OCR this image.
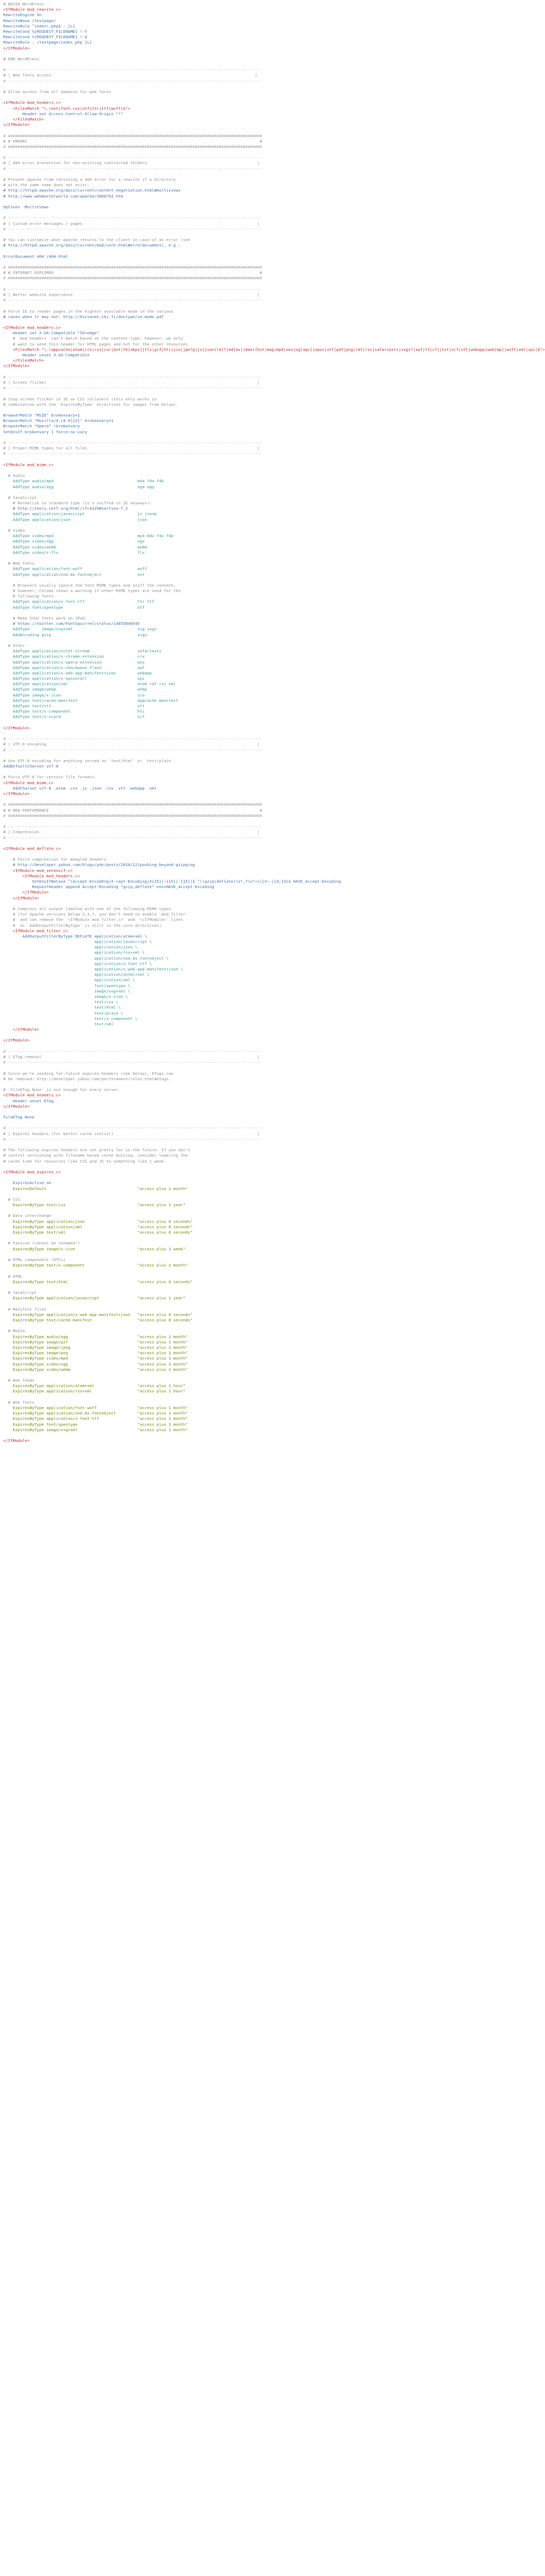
# BEGIN WordPress
<IfModule mod_rewrite.c>
RewriteEngine On
RewriteBase /testpage/
RewriteRule ^index\.php$ - [L]
RewriteCond %{REQUEST_FILENAME} !-f
RewriteCond %{REQUEST_FILENAME} !-d
RewriteRule . /testpage/index.php [L]
</IfModule>
# END WordPress
# ----------------------------------------------------------------------------------------------------------
# | Web fonts access                                                                                     |
# ----------------------------------------------------------------------------------------------------------
# Allow access from all domains for web fonts
<IfModule mod_headers.c>
<FilesMatch "\.(eot|font.css|otf|ttc|ttf|woff)$">
Header set Access-Control-Allow-Origin "*"
</FilesMatch>
</IfModule>
# ##########################################################################################################
# # ERRORS                                                                                                 #
# ##########################################################################################################
# ----------------------------------------------------------------------------------------------------------
# | 404 error prevention for non-existing redirected folders                                              |
# ----------------------------------------------------------------------------------------------------------
# Prevent Apache from returning a 404 error for a rewrite if a directory
# with the same name does not exist.
# http://httpd.apache.org/docs/current/content-negotiation.html#multiviews
# http://www.webmasterworld.com/apache/3808792.htm
Options -MultiViews
# ----------------------------------------------------------------------------------------------------------
# | Custom error messages / pages                                                                         |
# ----------------------------------------------------------------------------------------------------------
# You can customize what Apache returns to the client in case of an error (see
# http://httpd.apache.org/docs/current/mod/core.html#errordocument), e.g.:
ErrorDocument 404 /404.html
# ##########################################################################################################
# # INTERNET EXPLORER                                                                                      #
# ##########################################################################################################
# ----------------------------------------------------------------------------------------------------------
# | Better website experience                                                                             |
# ----------------------------------------------------------------------------------------------------------
# Force IE to render pages in the highest available mode in the various
# cases when it may not: http://hsivonen.iki.fi/doctype/ie-mode.pdf
<IfModule mod_headers.c>
Header set X-UA-Compatible "IE=edge"
# `mod_headers` can't match based on the content-type, however, we only
# want to send this header for HTML pages and not for the other resources
<FilesMatch "\.(appcache|atom|crx|css|cur|eot|f4[abpv]|flv|gif|htc|ico|jpe?g|js|json(ld)?|m4[av]|manifest|map|mp4|oex|og[agv]|opus|otf|pdf|png|rdf|rss|safariextz|svgz?|swf|tt[cf]|txt|vcf|vtt|webapp|web[mp]|woff|xml|xpi)$">
Header unset X-UA-Compatible
</FilesMatch>
</IfModule>
# ----------------------------------------------------------------------------------------------------------
# | Screen flicker                                                                                        |
# ----------------------------------------------------------------------------------------------------------
# Stop screen flicker in IE on CSS rollovers (this only works in
# combination with the `ExpiresByType` directives for images from below).
BrowserMatch "MSIE" brokenvary=1
BrowserMatch "Mozilla/4.[0-9]{2}" brokenvary=1
BrowserMatch "Opera" !brokenvary
SetEnvIf brokenvary 1 force-no-vary
# ----------------------------------------------------------------------------------------------------------
# | Proper MIME types for all files                                                                       |
# ----------------------------------------------------------------------------------------------------------
<IfModule mod_mime.c>
# Audio
AddType audio/mp4                                   m4a f4a f4b
AddType audio/ogg                                   oga ogg
# JavaScript
# Normalize to standard type (it's sniffed in IE anyways):
# http://tools.ietf.org/html/rfc4329#section-7.2
AddType application/javascript                      js jsonp
AddType application/json                            json
# Video
AddType video/mp4                                   mp4 m4v f4v f4p
AddType video/ogg                                   ogv
AddType video/webm                                  webm
AddType video/x-flv                                 flv
# Web fonts
AddType application/font-woff                       woff
AddType application/vnd.ms-fontobject               eot
# Browsers usually ignore the font MIME types and sniff the content,
# however, Chrome shows a warning if other MIME types are used for the
# following fonts.
AddType application/x-font-ttf                      ttc ttf
AddType font/opentype                               otf
# Make SVGZ fonts work on iPad:
# https://twitter.com/FontSquirrel/status/14855840545
AddType     image/svg+xml                           svg svgz
AddEncoding gzip                                    svgz
# Other
AddType application/octet-stream                    safariextz
AddType application/x-chrome-extension              crx
AddType application/x-opera-extension               oex
AddType application/x-shockwave-flash               swf
AddType application/x-web-app-manifest+json         webapp
AddType application/x-xpinstall                     xpi
AddType application/xml                             atom rdf rss xml
AddType image/webp                                  webp
AddType image/x-icon                                ico
AddType text/cache-manifest                         appcache manifest
AddType text/vtt                                    vtt
AddType text/x-component                            htc
AddType text/x-vcard                                vcf
</IfModule>
# ----------------------------------------------------------------------------------------------------------
# | UTF-8 encoding                                                                                        |
# ----------------------------------------------------------------------------------------------------------
# Use UTF-8 encoding for anything served as `text/html` or `text/plain`.
AddDefaultCharset utf-8
# Force UTF-8 for certain file formats.
<IfModule mod_mime.c>
AddCharset utf-8 .atom .css .js .json .rss .vtt .webapp .xml
</IfModule>
# ##########################################################################################################
# # WEB PERFORMANCE                                                                                        #
# ##########################################################################################################
# ----------------------------------------------------------------------------------------------------------
# | Compression                                                                                           |
# ----------------------------------------------------------------------------------------------------------
<IfModule mod_deflate.c>
# Force compression for mangled headers.
# http://developer.yahoo.com/blogs/ydn/posts/2010/12/pushing-beyond-gzipping
<IfModule mod_setenvif.c>
<IfModule mod_headers.c>
SetEnvIfNoCase ^(Accept-EncodXng|X-cept-Encoding|X{15}|~{15}|-{15})$ ^((gzip|deflate)\s*,?\s*)+|[X~-]{4,13}$ HAVE_Accept-Encoding
RequestHeader append Accept-Encoding "gzip,deflate" env=HAVE_Accept-Encoding
</IfModule>
</IfModule>
# Compress all output labeled with one of the following MIME-types
# (for Apache versions below 2.3.7, you don't need to enable `mod_filter`
#  and can remove the `<IfModule mod_filter.c>` and `</IfModule>` lines
#  as `AddOutputFilterByType` is still in the core directives).
<IfModule mod_filter.c>
AddOutputFilterByType DEFLATE application/atom+xml \
application/javascript \
application/json \
application/rss+xml \
application/vnd.ms-fontobject \
application/x-font-ttf \
application/x-web-app-manifest+json \
application/xhtml+xml \
application/xml \
font/opentype \
image/svg+xml \
image/x-icon \
text/css \
text/html \
text/plain \
text/x-component \
text/xml
</IfModule>
</IfModule>
# ----------------------------------------------------------------------------------------------------------
# | ETag removal                                                                                          |
# ----------------------------------------------------------------------------------------------------------
# Since we're sending far-future expires headers (see below), ETags can
# be removed: http://developer.yahoo.com/performance/rules.html#etags.
# `FileETag None` is not enough for every server.
<IfModule mod_headers.c>
Header unset ETag
</IfModule>
FileETag None
# ----------------------------------------------------------------------------------------------------------
# | Expires headers (for better cache control)                                                            |
# ----------------------------------------------------------------------------------------------------------
# The following expires headers are set pretty far in the future. If you don't
# control versioning with filename-based cache busting, consider lowering the
# cache time for resources like CSS and JS to something like 1 week.
<IfModule mod_expires.c>
ExpiresActive on
ExpiresDefault                                      "access plus 1 month"
# CSS
ExpiresByType text/css                              "access plus 1 year"
# Data interchange
ExpiresByType application/json                      "access plus 0 seconds"
ExpiresByType application/xml                       "access plus 0 seconds"
ExpiresByType text/xml                              "access plus 0 seconds"
# Favicon (cannot be renamed!)
ExpiresByType image/x-icon                          "access plus 1 week"
# HTML components (HTCs)
ExpiresByType text/x-component                      "access plus 1 month"
# HTML
ExpiresByType text/html                             "access plus 0 seconds"
# JavaScript
ExpiresByType application/javascript                "access plus 1 year"
# Manifest files
ExpiresByType application/x-web-app-manifest+json   "access plus 0 seconds"
ExpiresByType text/cache-manifest                   "access plus 0 seconds"
# Media
ExpiresByType audio/ogg                             "access plus 1 month"
ExpiresByType image/gif                             "access plus 1 month"
ExpiresByType image/jpeg                            "access plus 1 month"
ExpiresByType image/png                             "access plus 1 month"
ExpiresByType video/mp4                             "access plus 1 month"
ExpiresByType video/ogg                             "access plus 1 month"
ExpiresByType video/webm                            "access plus 1 month"
# Web feeds
ExpiresByType application/atom+xml                  "access plus 1 hour"
ExpiresByType application/rss+xml                   "access plus 1 hour"
# Web fonts
ExpiresByType application/font-woff                 "access plus 1 month"
ExpiresByType application/vnd.ms-fontobject         "access plus 1 month"
ExpiresByType application/x-font-ttf                "access plus 1 month"
ExpiresByType font/opentype                         "access plus 1 month"
ExpiresByType image/svg+xml                         "access plus 1 month"
</IfModule>
